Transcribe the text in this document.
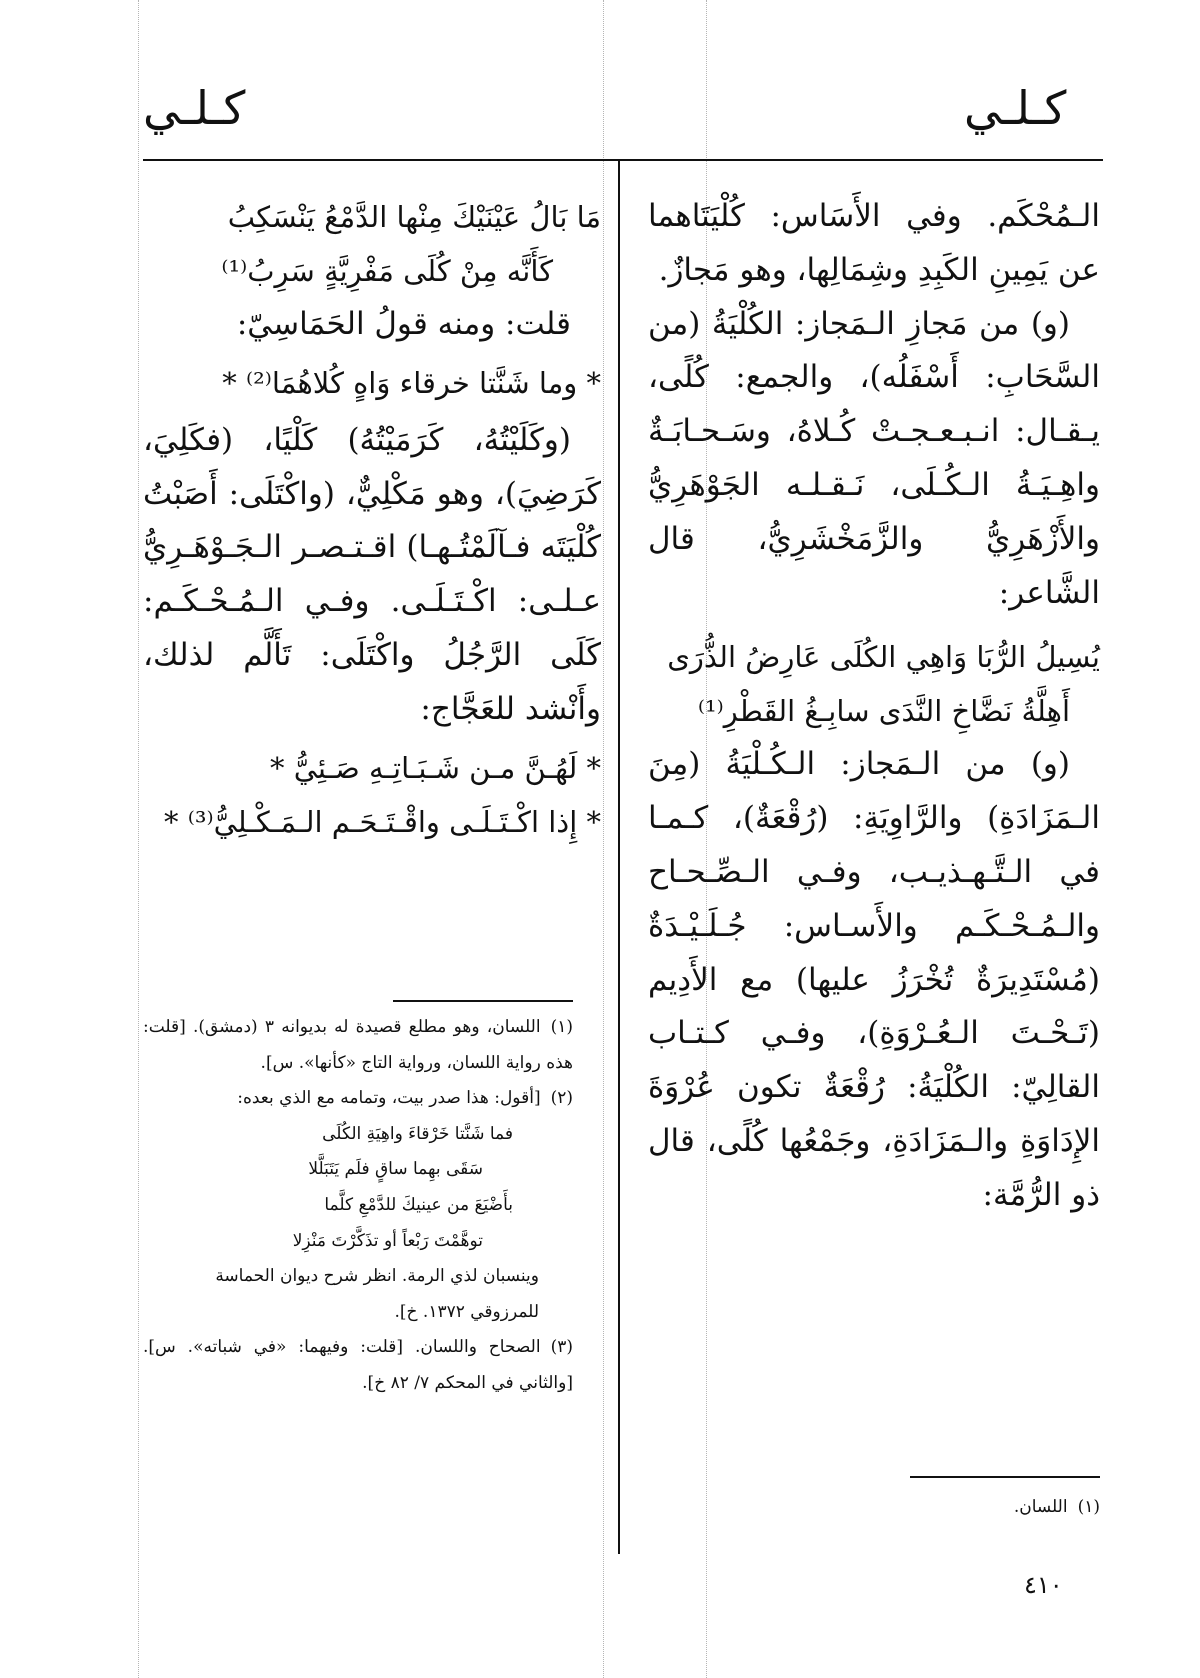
كـلـي
كـلـي

الـمُحْكَم. وفي الأَسَاس: كُلْيَتَاهما عن يَمِينِ الكَبِدِ وشِمَالِها، وهو مَجازٌ.

(و) من مَجازِ الـمَجاز: الكُلْيَةُ (من السَّحَابِ: أَسْفَلُه)، والجمع: كُلًى، يـقـال: انـبـعـجـتْ كُـلاهُ، وسَـحـابَـةٌ واهِـيَـةُ الـكُـلَى، نَـقـلـه الجَوْهَرِيُّ والأَزْهَرِيُّ والزَّمَخْشَرِيُّ، قال الشَّاعر:

يُسِيلُ الرُّبَا وَاهِي الكُلَى عَارِضُ الذُّرَى

أَهِلَّةُ نَضَّاخِ النَّدَى سابِـغُ القَطْرِ⁽¹⁾

(و) من الـمَجاز: الـكُـلْيَةُ (مِنَ الـمَزَادَةِ) والرَّاوِيَةِ: (رُقْعَةٌ)، كـمـا في الـتَّـهـذيـب، وفـي الـصِّـحـاح والـمُـحْـكَـم والأَسـاس: جُـلَـيْـدَةٌ (مُسْتَدِيرَةٌ تُخْرَزُ عليها) مع الأَدِيم (تَـحْـتَ الـعُـرْوَةِ)، وفـي كـتـاب القالِيّ: الكُلْيَةُ: رُقْعَةٌ تكون عُرْوَةَ الإِدَاوَةِ والـمَزَادَةِ، وجَمْعُها كُلًى، قال ذو الرُّمَّة:

مَا بَالُ عَيْنَيْكَ مِنْها الدَّمْعُ يَنْسَكِبُ

كَأَنَّه مِنْ كُلَى مَفْرِيَّةٍ سَرِبُ⁽¹⁾

قلت: ومنه قولُ الحَمَاسِيّ:

* وما شَنَّتا خرقاء وَاهٍ كُلاهُمَا⁽²⁾ *

(وكَلَيْتُهُ، كَرَمَيْتُهُ) كَلْيًا، (فكَلِيَ، كَرَضِيَ)، وهو مَكْلِيٌّ، (واكْتَلَى: أَصَبْتُ كُلْيَتَه فـآلَمْتُـهـا) اقـتـصـر الـجَـوْهَـرِيُّ عـلـى: اكْـتَـلَـى. وفـي الـمُـحْـكَـم: كَلَى الرَّجُلُ واكْتَلَى: تَأَلَّم لذلك، وأَنْشد للعَجَّاج:

* لَهُـنَّ مـن شَـبَـاتِـهِ صَـئِيُّ *

* إِذا اكْـتَـلَـى واقْـتَـحَـم الـمَـكْـلِيُّ⁽³⁾ *

(١)اللسان، وهو مطلع قصيدة له بديوانه ٣ (دمشق). [قلت: هذه رواية اللسان، ورواية التاج «كأنها». س].

(٢)[أقول: هذا صدر بيت، وتمامه مع الذي بعده:

فما شَنَّتا خَرْقاءَ واهِيَةِ الكُلَى

سَقَى بهِما ساقٍ فلَم يَتَبَلَّلا

بأَضْيَعَ من عينيكَ للدَّمْعِ كلَّما

توهَّمْتَ رَبْعاً أو تذَكَّرْتَ مَنْزِلا

وينسبان لذي الرمة. انظر شرح ديوان الحماسة للمرزوقي ١٣٧٢. خ].

(٣)الصحاح واللسان. [قلت: وفيهما: «في شباته». س]. [والثاني في المحكم ٧/ ٨٢ خ].

(١)اللسان.

٤١٠
